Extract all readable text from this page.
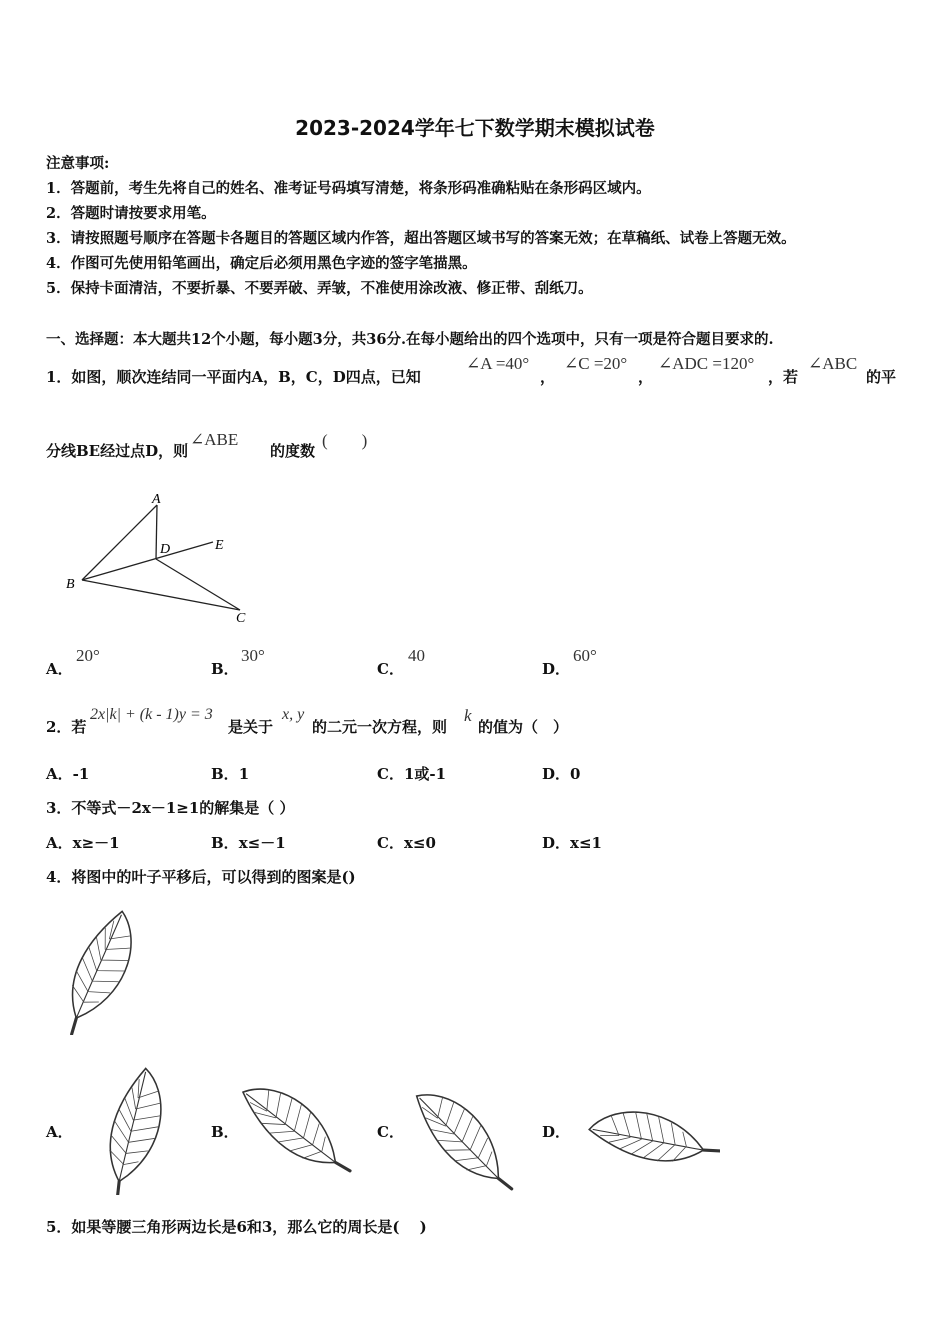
2023-2024学年七下数学期末模拟试卷
注意事项:
1．答题前，考生先将自己的姓名、准考证号码填写清楚，将条形码准确粘贴在条形码区域内。
2．答题时请按要求用笔。
3．请按照题号顺序在答题卡各题目的答题区域内作答，超出答题区域书写的答案无效；在草稿纸、试卷上答题无效。
4．作图可先使用铅笔画出，确定后必须用黑色字迹的签字笔描黑。
5．保持卡面清洁，不要折暴、不要弄破、弄皱，不准使用涂改液、修正带、刮纸刀。
一、选择题：本大题共12个小题，每小题3分，共36分.在每小题给出的四个选项中，只有一项是符合题目要求的.
1．如图，顺次连结同一平面内A，B，C，D四点，已知
∠A =40°
，
∠C =20°
，
∠ADC =120°
，若
∠ABC
的平
分线BE经过点D，则
∠ABE
的度数
(　　)
A
D	E
B
C
A．
20°
B．
30°
C．
40
D．
60°
2．若
2x|k| + (k - 1)y = 3
是关于
x, y
的二元一次方程，则
k
的值为（　）
A．-1	B．1	C．1或-1	D．0
3．不等式－2x－1≥1的解集是（ ）
A．x≥－1	B．x≤－1	C．x≤0	D．x≤1
4．将图中的叶子平移后，可以得到的图案是()
A．	B．	C．	D．
5．如果等腰三角形两边长是6和3，那么它的周长是(　 )
